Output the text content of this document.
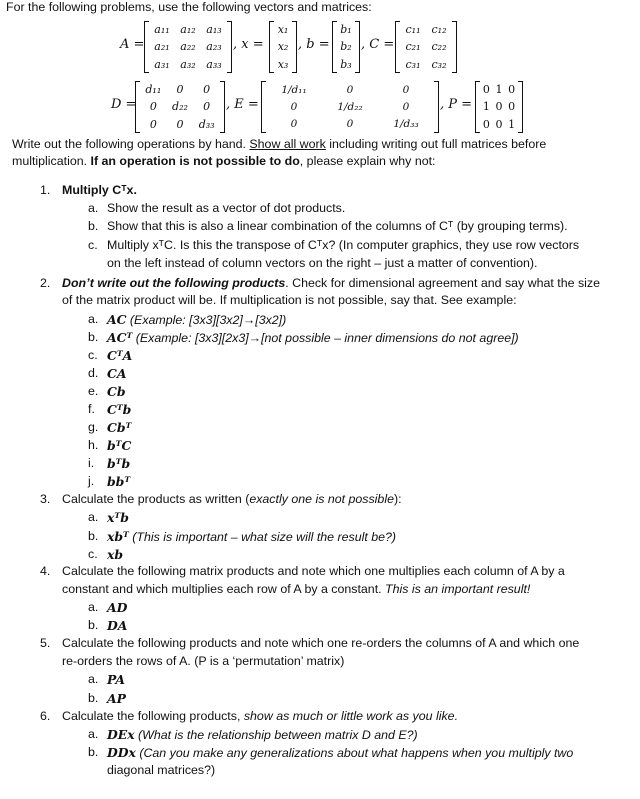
For the following problems, use the following vectors and matrices:
A =
a₁₁ a₁₂ a₁₃
a₂₁ a₂₂ a₂₃
a₃₁ a₃₂ a₃₃
, x =
x₁
x₂
x₃
, b =
b₁
b₂
b₃
, C =
c₁₁ c₁₂
c₂₁ c₂₂
c₃₁ c₃₂
D =
d₁₁ 0 0
0 d₂₂ 0
0 0 d₃₃
, E =
1/d₁₁	0	0
0	1/d₂₂	0
0	0	1/d₃₃
, P =
0 1 0
1 0 0
0 0 1
Write out the following operations by hand. Show all work including writing out full matrices before
multiplication. If an operation is not possible to do, please explain why not:
1. Multiply Cᵀx.
a. Show the result as a vector of dot products.
b. Show that this is also a linear combination of the columns of Cᵀ (by grouping terms).
c. Multiply xᵀC. Is this the transpose of Cᵀx? (In computer graphics, they use row vectors
on the left instead of column vectors on the right – just a matter of convention).
2. Don’t write out the following products. Check for dimensional agreement and say what the size
of the matrix product will be. If multiplication is not possible, say that. See example:
a. AC (Example: [3x3][3x2]→[3x2])
b. ACᵀ (Example: [3x3][2x3]→[not possible – inner dimensions do not agree])
c. CᵀA
d. CA
e. Cb
f. Cᵀb
g. Cbᵀ
h. bᵀC
i. bᵀb
j. bbᵀ
3. Calculate the products as written (exactly one is not possible):
a. xᵀb
b. xbᵀ (This is important – what size will the result be?)
c. xb
4. Calculate the following matrix products and note which one multiplies each column of A by a
constant and which multiplies each row of A by a constant. This is an important result!
a. AD
b. DA
5. Calculate the following products and note which one re-orders the columns of A and which one
re-orders the rows of A. (P is a ‘permutation’ matrix)
a. PA
b. AP
6. Calculate the following products, show as much or little work as you like.
a. DEx (What is the relationship between matrix D and E?)
b. DDx (Can you make any generalizations about what happens when you multiply two
diagonal matrices?)
